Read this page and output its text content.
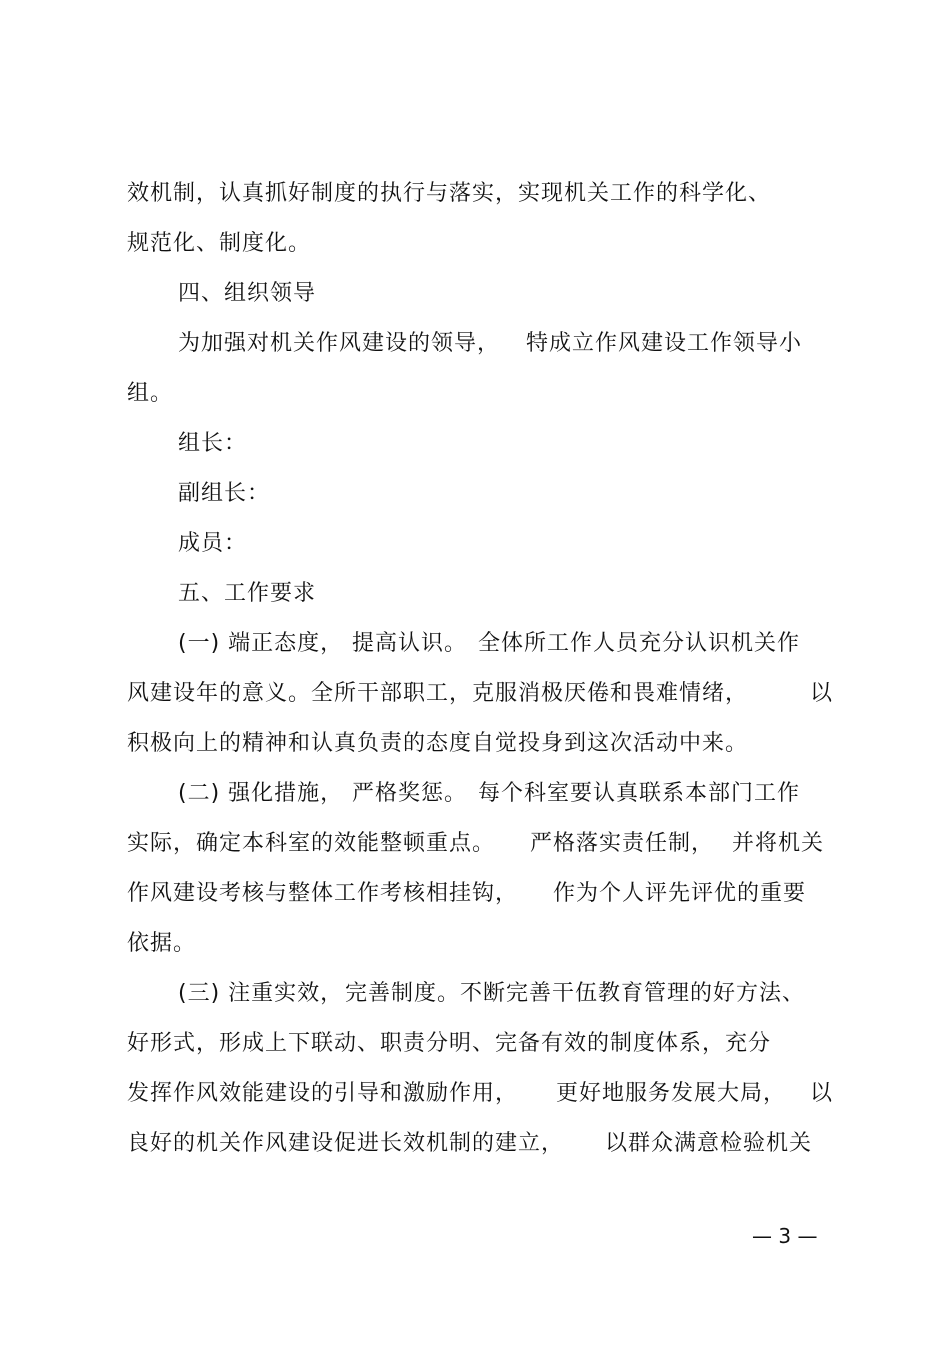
效机制，认真抓好制度的执行与落实，实现机关工作的科学化、
规范化、制度化。
四、组织领导
为加强对机关作风建设的领导， 特成立作风建设工作领导小
组。
组长：
副组长：
成员：
五、工作要求
(一) 端正态度， 提高认识。 全体所工作人员充分认识机关作
风建设年的意义。全所干部职工，克服消极厌倦和畏难情绪，	以
积极向上的精神和认真负责的态度自觉投身到这次活动中来。
(二) 强化措施， 严格奖惩。 每个科室要认真联系本部门工作
实际，确定本科室的效能整顿重点。 严格落实责任制， 并将机关
作风建设考核与整体工作考核相挂钩， 作为个人评先评优的重要
依据。
(三) 注重实效， 完善制度。不断完善干伍教育管理的好方法、
好形式，形成上下联动、职责分明、完备有效的制度体系，充分
发挥作风效能建设的引导和激励作用， 更好地服务发展大局， 以
良好的机关作风建设促进长效机制的建立， 以群众满意检验机关
— 3 —
